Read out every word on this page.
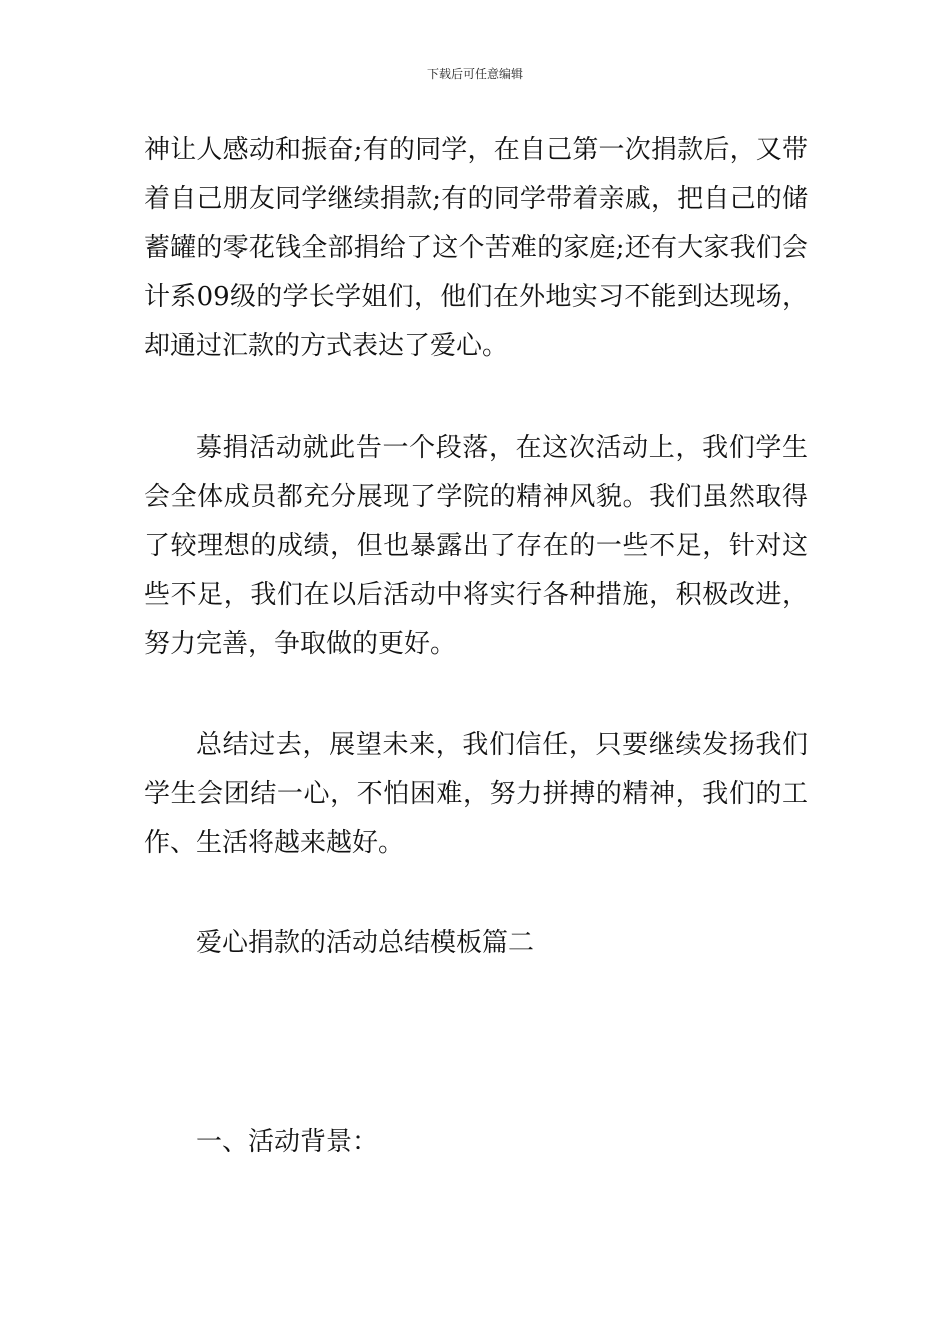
下载后可任意编辑

神让人感动和振奋;有的同学，在自己第一次捐款后，又带着自己朋友同学继续捐款;有的同学带着亲戚，把自己的储蓄罐的零花钱全部捐给了这个苦难的家庭;还有大家我们会计系09级的学长学姐们，他们在外地实习不能到达现场，却通过汇款的方式表达了爱心。

募捐活动就此告一个段落，在这次活动上，我们学生会全体成员都充分展现了学院的精神风貌。我们虽然取得了较理想的成绩，但也暴露出了存在的一些不足，针对这些不足，我们在以后活动中将实行各种措施，积极改进，努力完善，争取做的更好。

总结过去，展望未来，我们信任，只要继续发扬我们学生会团结一心，不怕困难，努力拼搏的精神，我们的工作、生活将越来越好。

爱心捐款的活动总结模板篇二

一、活动背景：
